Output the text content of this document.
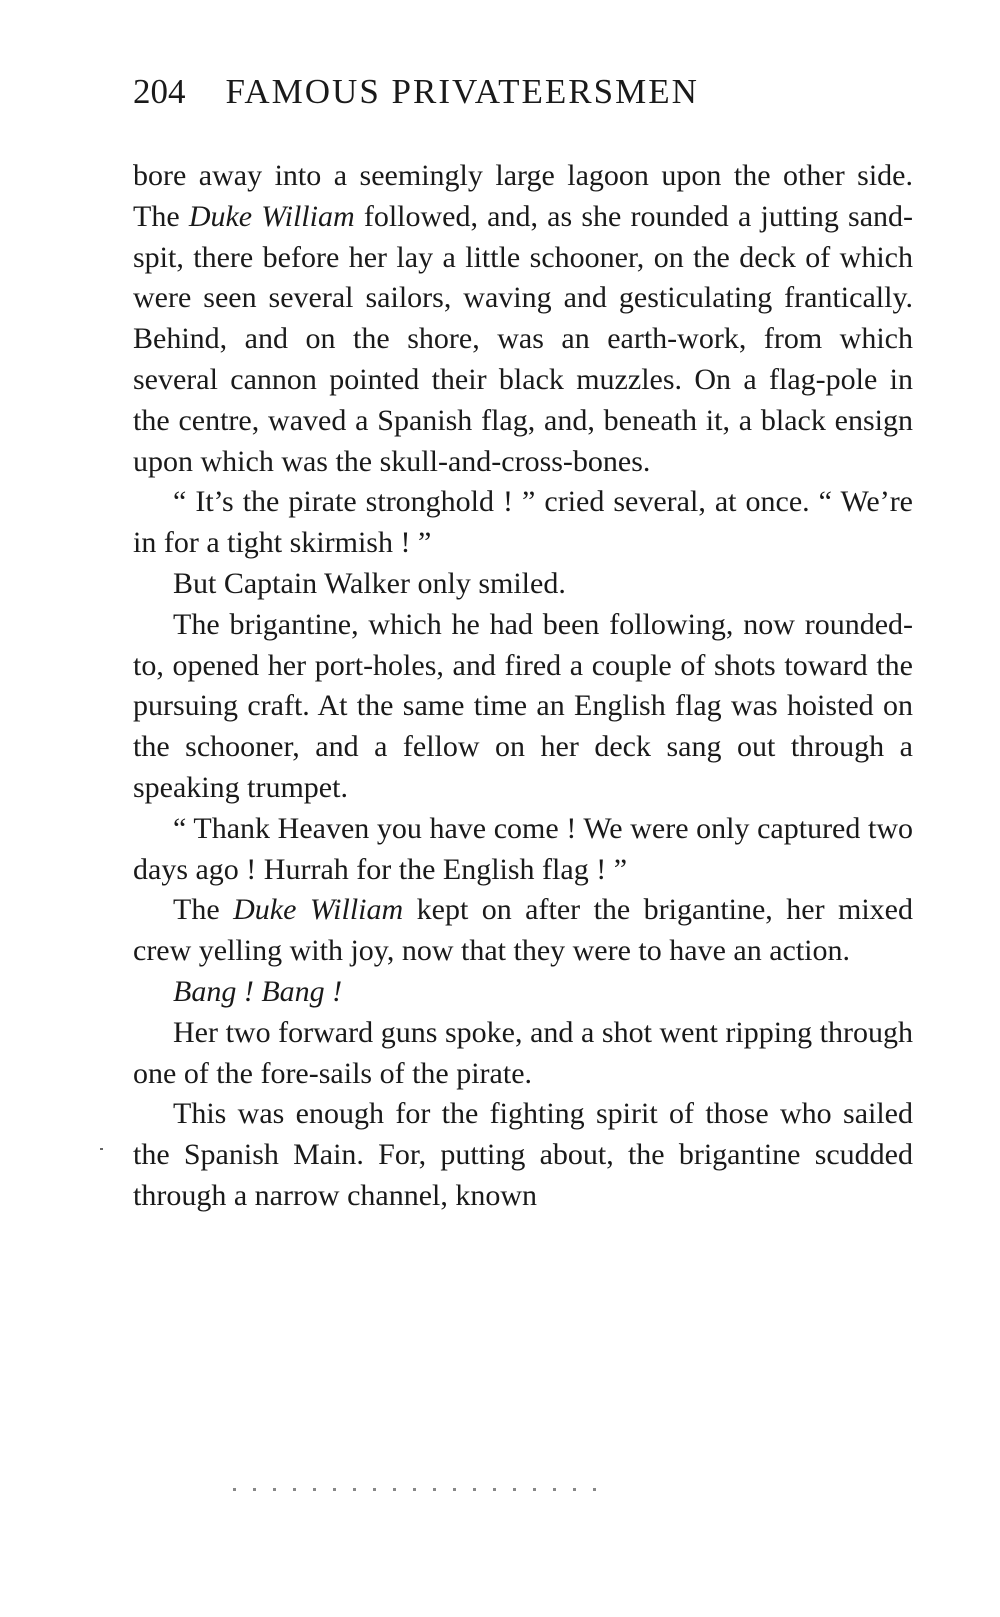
204 FAMOUS PRIVATEERSMEN

bore away into a seemingly large lagoon upon the other side. The Duke William followed, and, as she rounded a jutting sand-spit, there before her lay a little schooner, on the deck of which were seen several sailors, waving and gesticulating frantically. Behind, and on the shore, was an earth-work, from which several cannon pointed their black muzzles. On a flag-pole in the centre, waved a Spanish flag, and, beneath it, a black ensign upon which was the skull-and-cross-bones.

“ It’s the pirate stronghold ! ” cried several, at once. “ We’re in for a tight skirmish ! ”

But Captain Walker only smiled.

The brigantine, which he had been following, now rounded-to, opened her port-holes, and fired a couple of shots toward the pursuing craft. At the same time an English flag was hoisted on the schooner, and a fellow on her deck sang out through a speaking trumpet.

“ Thank Heaven you have come ! We were only captured two days ago ! Hurrah for the English flag ! ”

The Duke William kept on after the brigantine, her mixed crew yelling with joy, now that they were to have an action.

Bang ! Bang !

Her two forward guns spoke, and a shot went ripping through one of the fore-sails of the pirate.

This was enough for the fighting spirit of those who sailed the Spanish Main. For, putting about, the brigantine scudded through a narrow channel, known
